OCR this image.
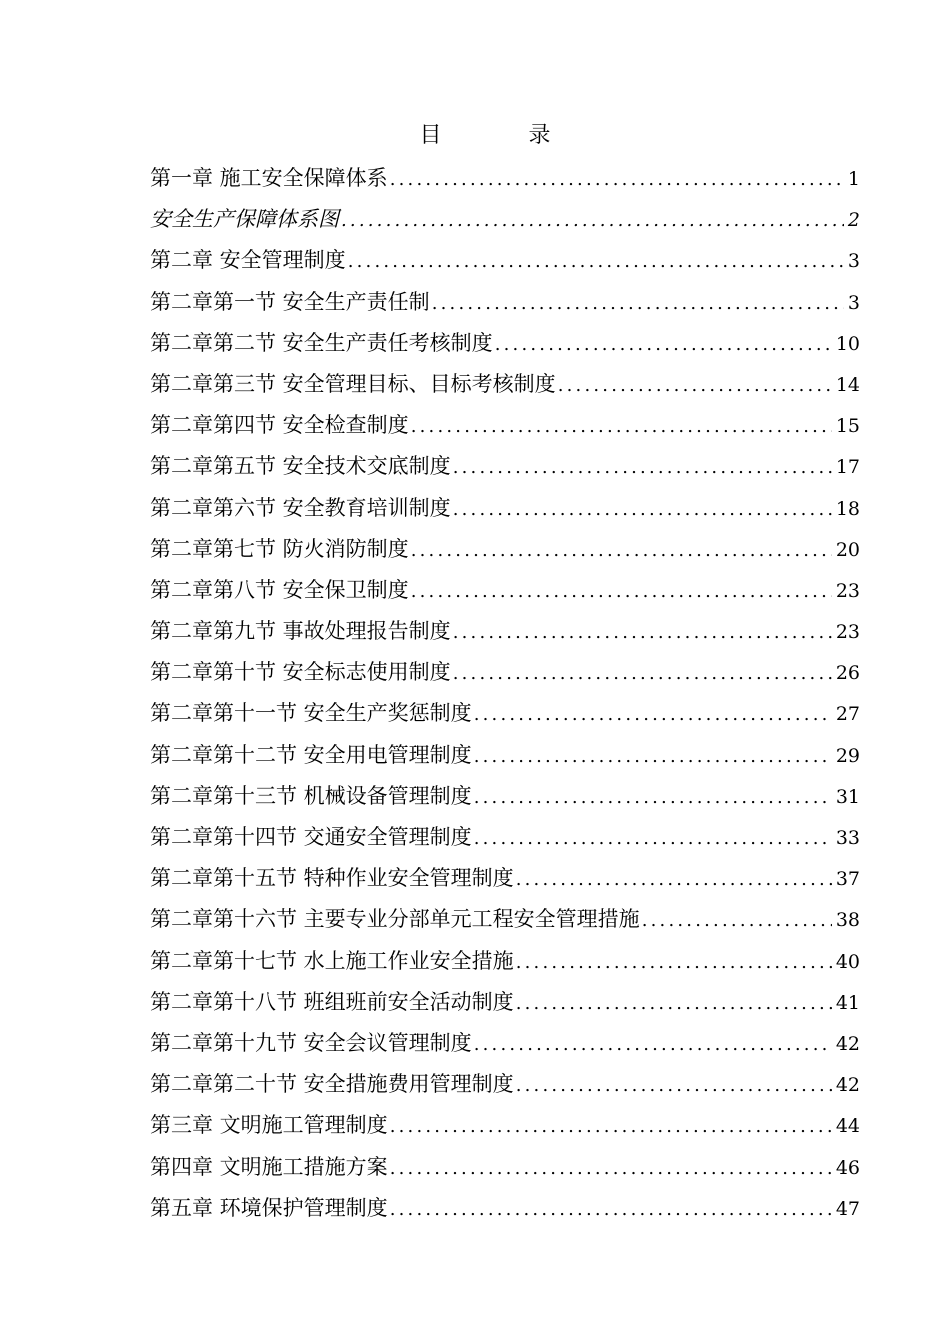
目 录
第一章 施工安全保障体系 .....	1
安全生产保障体系图 .....	2
第二章 安全管理制度 .....	3
第二章第一节 安全生产责任制 .....	3
第二章第二节 安全生产责任考核制度 .....	10
第二章第三节 安全管理目标、目标考核制度 .....	14
第二章第四节 安全检查制度 .....	15
第二章第五节 安全技术交底制度 .....	17
第二章第六节 安全教育培训制度 .....	18
第二章第七节 防火消防制度 .....	20
第二章第八节 安全保卫制度 .....	23
第二章第九节 事故处理报告制度 .....	23
第二章第十节 安全标志使用制度 .....	26
第二章第十一节 安全生产奖惩制度 .....	27
第二章第十二节 安全用电管理制度 .....	29
第二章第十三节 机械设备管理制度 .....	31
第二章第十四节 交通安全管理制度 .....	33
第二章第十五节 特种作业安全管理制度 .....	37
第二章第十六节 主要专业分部单元工程安全管理措施 .....	38
第二章第十七节 水上施工作业安全措施 .....	40
第二章第十八节 班组班前安全活动制度 .....	41
第二章第十九节 安全会议管理制度 .....	42
第二章第二十节 安全措施费用管理制度 .....	42
第三章 文明施工管理制度 .....	44
第四章 文明施工措施方案 .....	46
第五章 环境保护管理制度 .....	47
